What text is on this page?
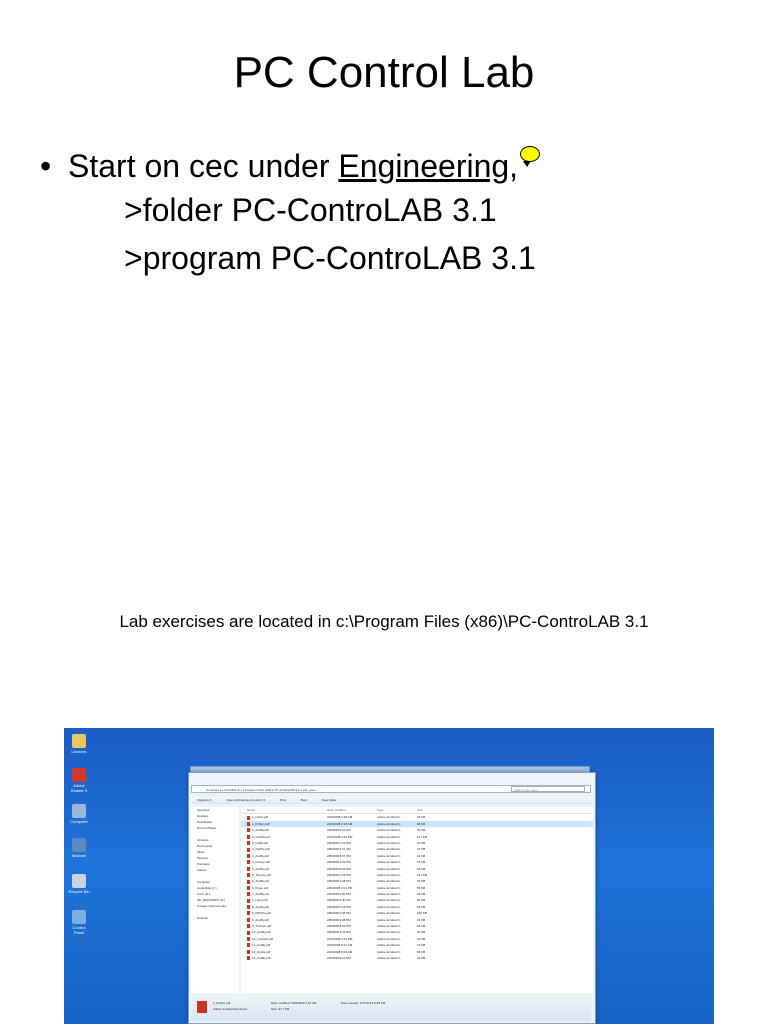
PC Control Lab
• Start on cec under Engineering,
>folder PC-ControLAB 3.1
>program PC-ControLAB 3.1
Lab exercises are located in c:\Program Files (x86)\PC-ControLAB 3.1
Libraries
Adobe Reader 9
Computer
Network
Recycle Bin
Control Panel
Computer ▸ Local Disk (C:) ▸ Program Files (x86) ▸ PC-ControLAB 3.1 ▸ Lab_exes	Search Lab_exes
Organize ▾	Open with Adobe Acrobat 9 ▾	Print	Burn	New folder
Favorites
Desktop
Downloads
Recent Places

Libraries
Documents
Music
Pictures
Podcasts
Videos

Computer
Local Disk (C:)
LoCo (D:)
HP_RECOVERY (E:)
prsapps (\\cerner.edu)

Network
Name	Date modified	Type	Size
1_IntrDy.pdf	2/26/2008 2:18 AM	Adobe Acrobat D...	29 KB
1_PriDyn.pdf	2/26/2008 2:18 AM	Adobe Acrobat D...	98 KB
2_AnsBy.pdf	2/8/2008 9:21 AM	Adobe Acrobat D...	30 KB
2_CntlVlv.pdf	2/26/2008 2:53 PM	Adobe Acrobat D...	127 KB
3_IntrBy.pdf	2/8/2008 4:31 PM	Adobe Acrobat D...	20 KB
3_CtrlPrc.pdf	2/8/2008 9:31 AM	Adobe Acrobat D...	27 KB
4_AnsBy.pdf	2/8/2008 8:07 PM	Adobe Acrobat D...	21 KB
4_FlowLp.pdf	2/8/2008 4:32 PM	Adobe Acrobat D...	67 KB
5_AnsBy.pdf	2/8/2008 8:36 AM	Adobe Acrobat D...	84 KB
5_TempLp.pdf	2/8/2008 4:33 PM	Adobe Acrobat D...	141 KB
6_AnsBy.pdf	2/8/2008 4:38 PM	Adobe Acrobat D...	20 KB
6_PrsLp.pdf	2/26/2008 2:01 PM	Adobe Acrobat D...	55 KB
7_AnsBy.pdf	2/8/2008 5:00 PM	Adobe Acrobat D...	29 KB
7_LvlLp.pdf	2/8/2008 5:40 AM	Adobe Acrobat D...	55 KB
8_AnsBy.pdf	2/8/2008 9:33 PM	Adobe Acrobat D...	51 KB
8_PIDCho.pdf	2/8/2008 9:36 PM	Adobe Acrobat D...	226 KB
9_AnsBy.pdf	2/8/2008 9:08 PM	Adobe Acrobat D...	22 KB
9_TunOpn.pdf	2/8/2008 8:04 PM	Adobe Acrobat D...	62 KB
10_AnsBy.pdf	2/8/2008 3:41 PM	Adobe Acrobat D...	30 KB
10_TunClsd.pdf	2/26/2008 2:21 PM	Adobe Acrobat D...	43 KB
11_AnsBy.pdf	2/26/2008 8:47 AM	Adobe Acrobat D...	19 KB
11_ImpAs.pdf	2/26/2008 9:09 AM	Adobe Acrobat D...	96 KB
12_AnsBy.pdf	2/8/2008 9:21 PM	Adobe Acrobat D...	43 KB
1_PriDyn.pdf
Adobe Acrobat Document
Date modified: 2/26/2008 2:18 AM
Size: 97.7 KB
Date created: 2/17/2013 8:48 PM
